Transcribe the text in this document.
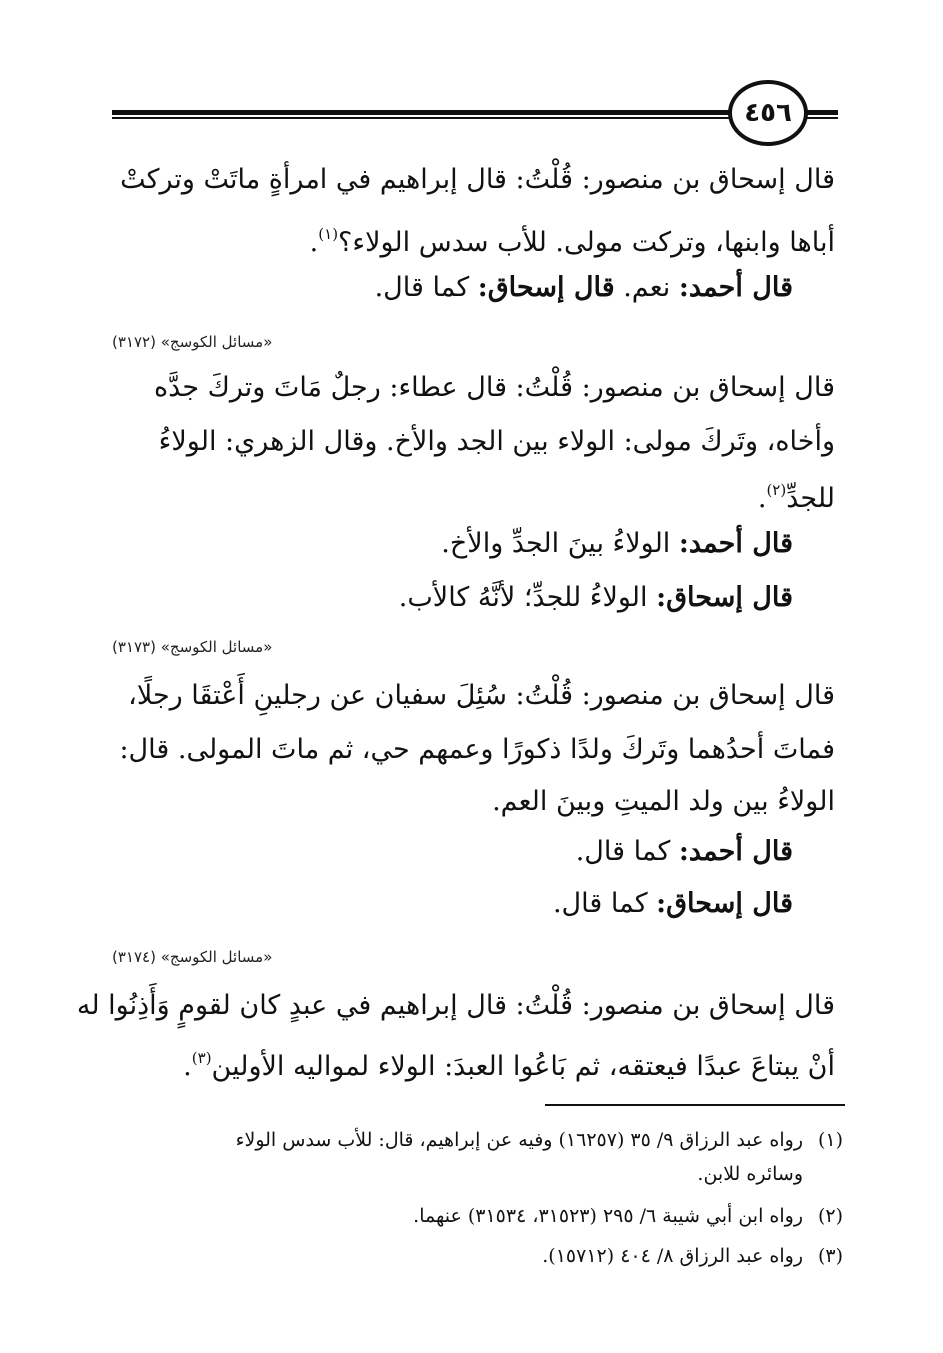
٤٥٦
قال إسحاق بن منصور: قُلْتُ: قال إبراهيم في امرأةٍ ماتَتْ وتركتْ
أباها وابنها، وتركت مولى. للأب سدس الولاء؟$^{(١)}$.
قال أحمد: نعم. قال إسحاق: كما قال.
«مسائل الكوسج» (٣١٧٢)
قال إسحاق بن منصور: قُلْتُ: قال عطاء: رجلٌ مَاتَ وتركَ جدَّه
وأخاه، وتَركَ مولى: الولاء بين الجد والأخ. وقال الزهري: الولاءُ
للجدِّ$^{(٢)}$.
قال أحمد: الولاءُ بينَ الجدِّ والأخ.
قال إسحاق: الولاءُ للجدِّ؛ لأنَّهُ كالأب.
«مسائل الكوسج» (٣١٧٣)
قال إسحاق بن منصور: قُلْتُ: سُئِلَ سفيان عن رجلينِ أَعْتقَا رجلًا،
فماتَ أحدُهما وتَركَ ولدًا ذكورًا وعمهم حي، ثم ماتَ المولى. قال:
الولاءُ بين ولد الميتِ وبينَ العم.
قال أحمد: كما قال.
قال إسحاق: كما قال.
«مسائل الكوسج» (٣١٧٤)
قال إسحاق بن منصور: قُلْتُ: قال إبراهيم في عبدٍ كان لقومٍ وَأَذِنُوا له
أنْ يبتاعَ عبدًا فيعتقه، ثم بَاعُوا العبدَ: الولاء لمواليه الأولين$^{(٣)}$.
(١)رواه عبد الرزاق ٩/ ٣٥ (١٦٢٥٧) وفيه عن إبراهيم، قال: للأب سدس الولاء
وسائره للابن.
(٢)رواه ابن أبي شيبة ٦/ ٢٩٥ (٣١٥٢٣، ٣١٥٣٤) عنهما.
(٣)رواه عبد الرزاق ٨/ ٤٠٤ (١٥٧١٢).
